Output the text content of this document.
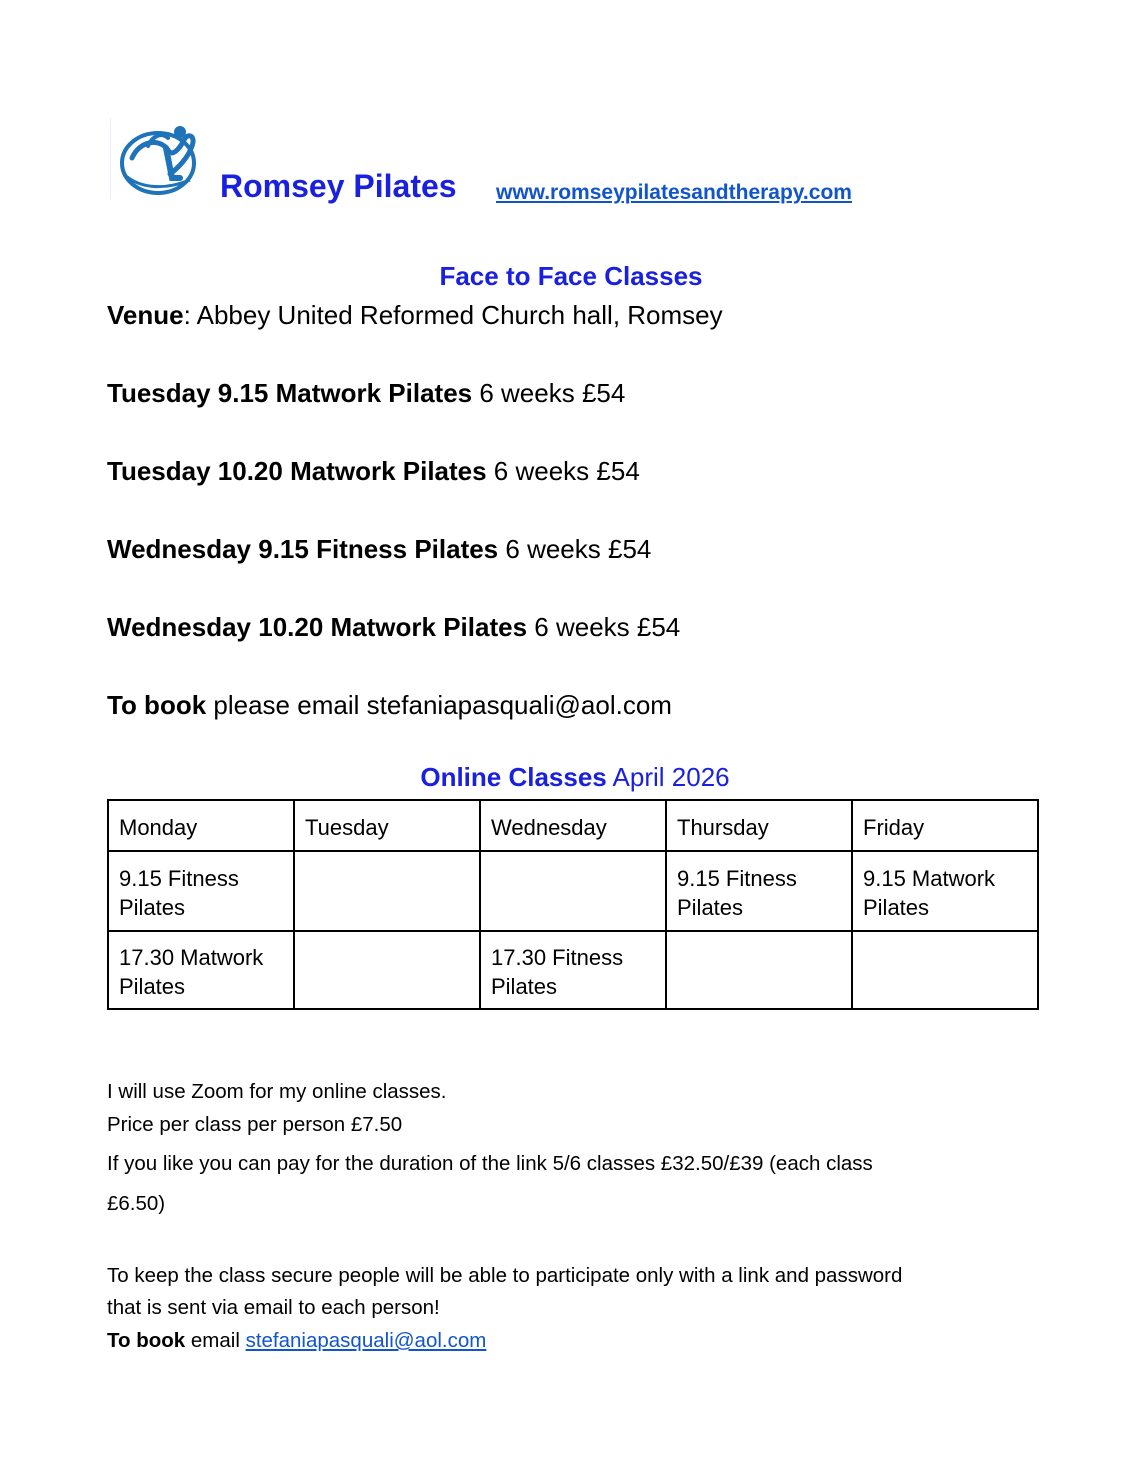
Romsey Pilates www.romseypilatesandtherapy.com
Face to Face Classes
Venue: Abbey United Reformed Church hall, Romsey
Tuesday 9.15 Matwork Pilates 6 weeks £54
Tuesday 10.20 Matwork Pilates 6 weeks £54
Wednesday 9.15 Fitness Pilates 6 weeks £54
Wednesday 10.20 Matwork Pilates 6 weeks £54
To book please email stefaniapasquali@aol.com
Online Classes April 2026
Monday	Tuesday	Wednesday	Thursday	Friday
9.15 Fitness Pilates			9.15 Fitness Pilates	9.15 Matwork Pilates
17.30 Matwork Pilates		17.30 Fitness Pilates		
I will use Zoom for my online classes.
Price per class per person £7.50
If you like you can pay for the duration of the link 5/6 classes £32.50/£39 (each class
£6.50)
To keep the class secure people will be able to participate only with a link and password
that is sent via email to each person!
To book email stefaniapasquali@aol.com
